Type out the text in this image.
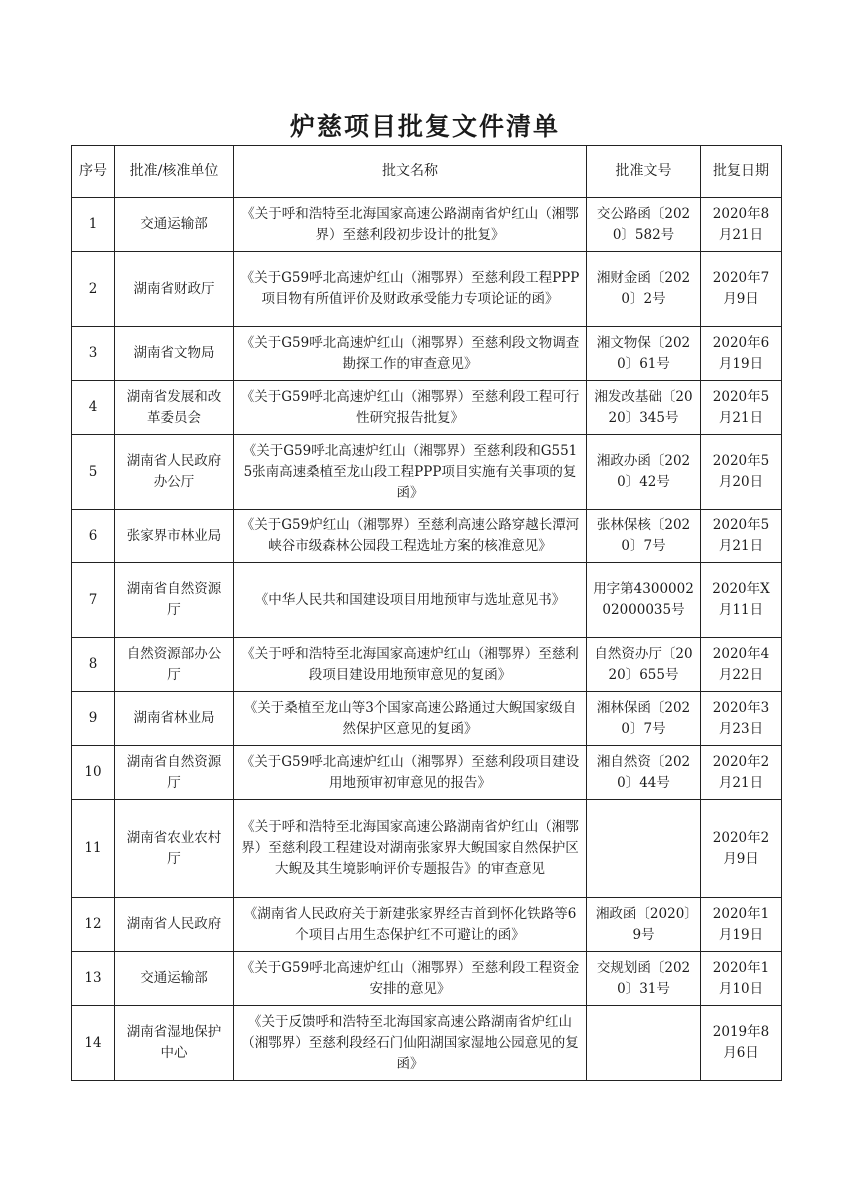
炉慈项目批复文件清单
序号	批准/核准单位	批文名称	批准文号	批复日期
1	交通运输部	《关于呼和浩特至北海国家高速公路湖南省炉红山（湘鄂界）至慈利段初步设计的批复》	交公路函〔2020〕582号	2020年8月21日
2	湖南省财政厅	《关于G59呼北高速炉红山（湘鄂界）至慈利段工程PPP项目物有所值评价及财政承受能力专项论证的函》	湘财金函〔2020〕2号	2020年7月9日
3	湖南省文物局	《关于G59呼北高速炉红山（湘鄂界）至慈利段文物调查勘探工作的审查意见》	湘文物保〔2020〕61号	2020年6月19日
4	湖南省发展和改革委员会	《关于G59呼北高速炉红山（湘鄂界）至慈利段工程可行性研究报告批复》	湘发改基础〔2020〕345号	2020年5月21日
5	湖南省人民政府办公厅	《关于G59呼北高速炉红山（湘鄂界）至慈利段和G5515张南高速桑植至龙山段工程PPP项目实施有关事项的复函》	湘政办函〔2020〕42号	2020年5月20日
6	张家界市林业局	《关于G59炉红山（湘鄂界）至慈利高速公路穿越长潭河峡谷市级森林公园段工程选址方案的核准意见》	张林保核〔2020〕7号	2020年5月21日
7	湖南省自然资源厅	《中华人民共和国建设项目用地预审与选址意见书》	用字第430000202000035号	2020年X月11日
8	自然资源部办公厅	《关于呼和浩特至北海国家高速炉红山（湘鄂界）至慈利段项目建设用地预审意见的复函》	自然资办厅〔2020〕655号	2020年4月22日
9	湖南省林业局	《关于桑植至龙山等3个国家高速公路通过大鲵国家级自然保护区意见的复函》	湘林保函〔2020〕7号	2020年3月23日
10	湖南省自然资源厅	《关于G59呼北高速炉红山（湘鄂界）至慈利段项目建设用地预审初审意见的报告》	湘自然资〔2020〕44号	2020年2月21日
11	湖南省农业农村厅	《关于呼和浩特至北海国家高速公路湖南省炉红山（湘鄂界）至慈利段工程建设对湖南张家界大鲵国家自然保护区大鲵及其生境影响评价专题报告》的审查意见		2020年2月9日
12	湖南省人民政府	《湖南省人民政府关于新建张家界经吉首到怀化铁路等6个项目占用生态保护红不可避让的函》	湘政函〔2020〕9号	2020年1月19日
13	交通运输部	《关于G59呼北高速炉红山（湘鄂界）至慈利段工程资金安排的意见》	交规划函〔2020〕31号	2020年1月10日
14	湖南省湿地保护中心	《关于反馈呼和浩特至北海国家高速公路湖南省炉红山（湘鄂界）至慈利段经石门仙阳湖国家湿地公园意见的复函》		2019年8月6日
